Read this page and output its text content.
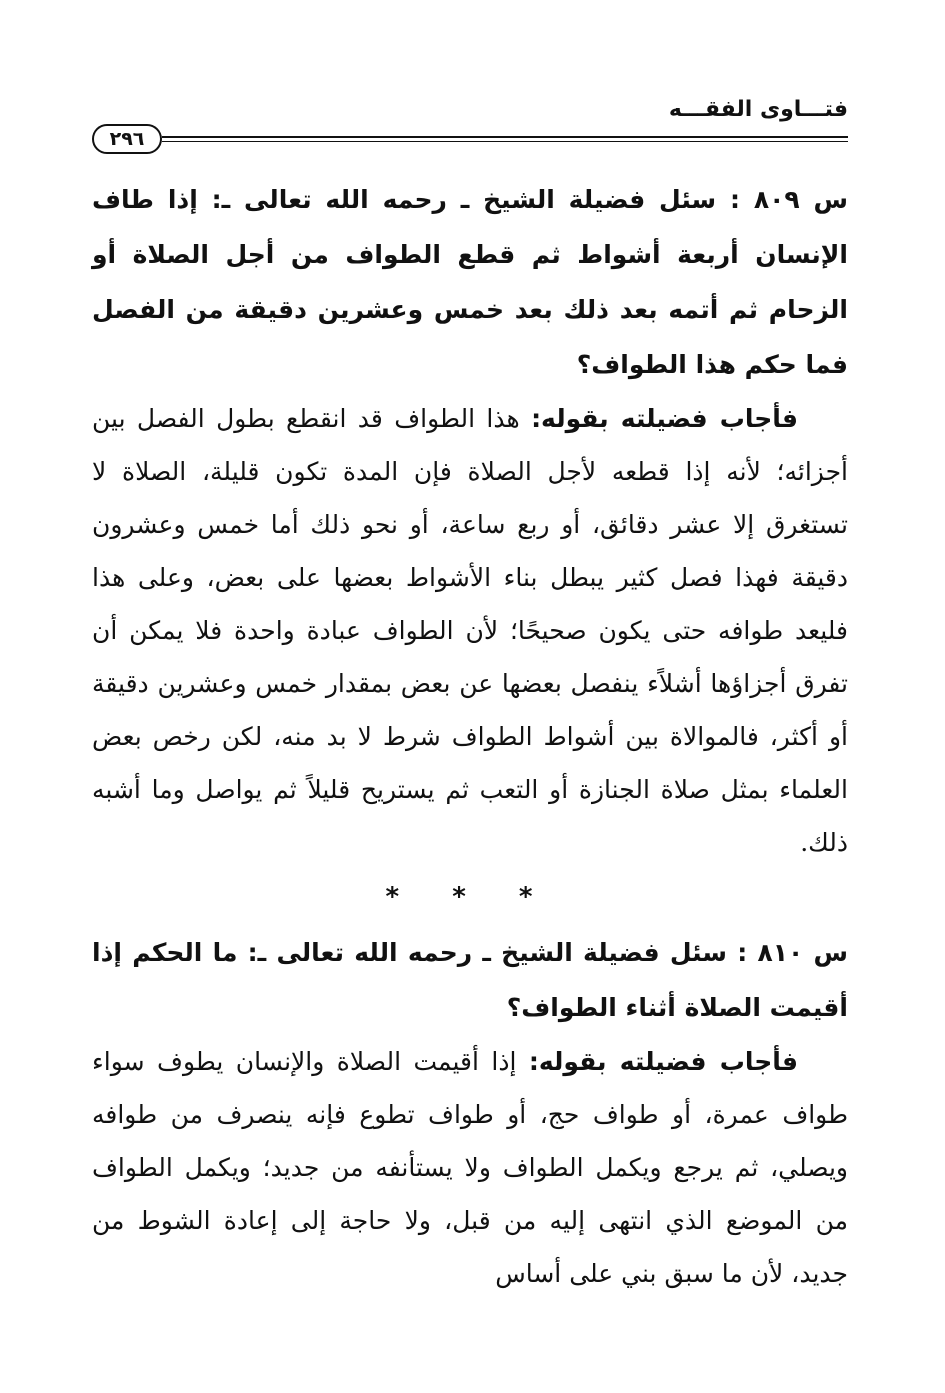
فتـــاوى الفقـــه
٢٩٦

س ٨٠٩ : سئل فضيلة الشيخ ـ رحمه الله تعالى ـ: إذا طاف الإنسان أربعة أشواط ثم قطع الطواف من أجل الصلاة أو الزحام ثم أتمه بعد ذلك بعد خمس وعشرين دقيقة من الفصل فما حكم هذا الطواف؟

فأجاب فضيلته بقوله: هذا الطواف قد انقطع بطول الفصل بين أجزائه؛ لأنه إذا قطعه لأجل الصلاة فإن المدة تكون قليلة، الصلاة لا تستغرق إلا عشر دقائق، أو ربع ساعة، أو نحو ذلك أما خمس وعشرون دقيقة فهذا فصل كثير يبطل بناء الأشواط بعضها على بعض، وعلى هذا فليعد طوافه حتى يكون صحيحًا؛ لأن الطواف عبادة واحدة فلا يمكن أن تفرق أجزاؤها أشلاًء ينفصل بعضها عن بعض بمقدار خمس وعشرين دقيقة أو أكثر، فالموالاة بين أشواط الطواف شرط لا بد منه، لكن رخص بعض العلماء بمثل صلاة الجنازة أو التعب ثم يستريح قليلاً ثم يواصل وما أشبه ذلك.

* * *

س ٨١٠ : سئل فضيلة الشيخ ـ رحمه الله تعالى ـ: ما الحكم إذا أقيمت الصلاة أثناء الطواف؟

فأجاب فضيلته بقوله: إذا أقيمت الصلاة والإنسان يطوف سواء طواف عمرة، أو طواف حج، أو طواف تطوع فإنه ينصرف من طوافه ويصلي، ثم يرجع ويكمل الطواف ولا يستأنفه من جديد؛ ويكمل الطواف من الموضع الذي انتهى إليه من قبل، ولا حاجة إلى إعادة الشوط من جديد، لأن ما سبق بني على أساس
